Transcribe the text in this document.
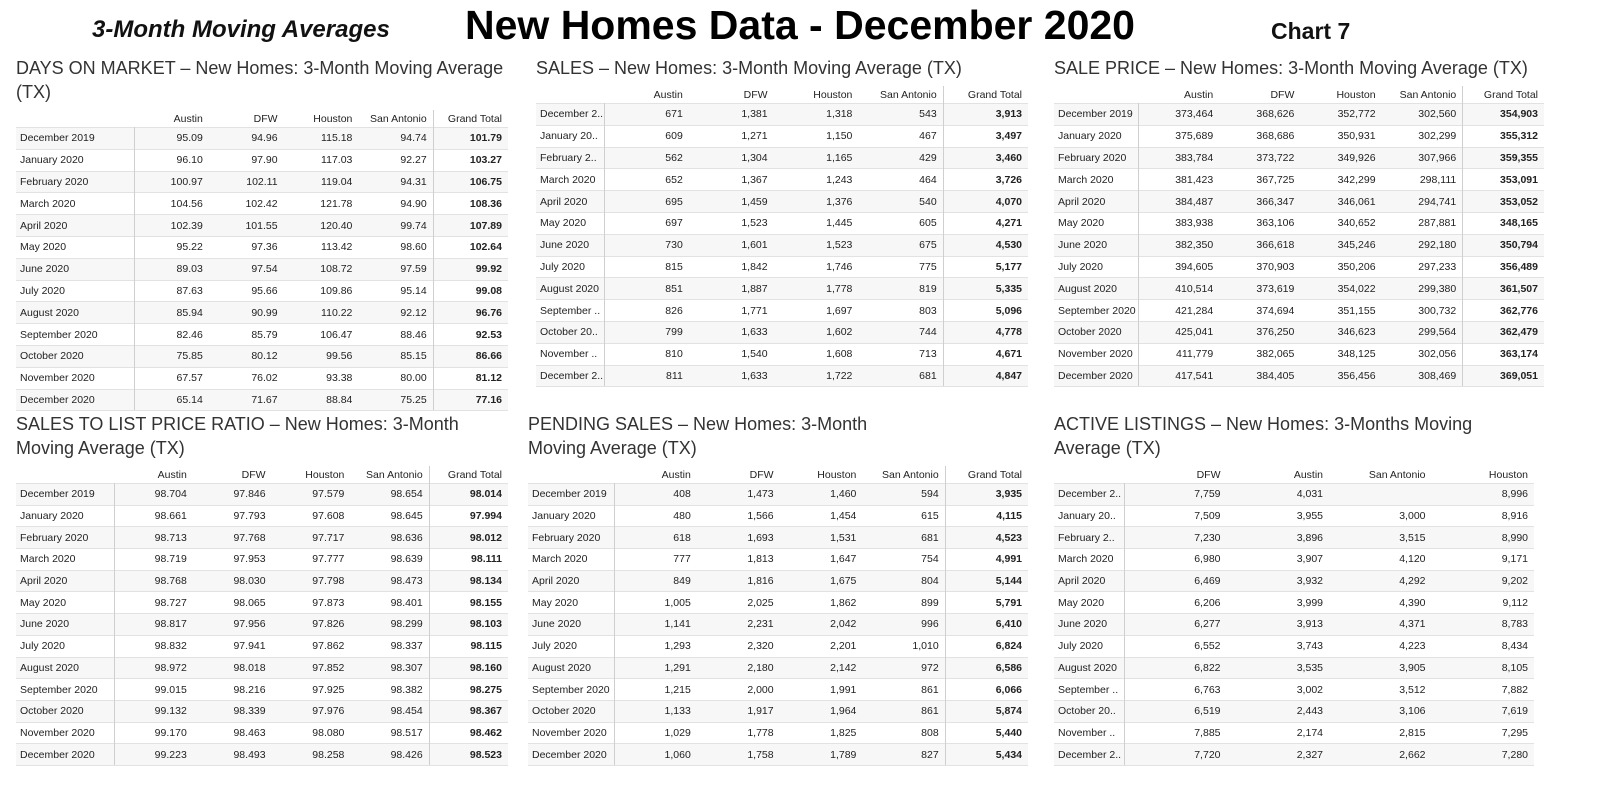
3-Month Moving Averages	New Homes Data - December 2020	Chart 7
DAYS ON MARKET – New Homes: 3-Month Moving Average (TX)
	Austin	DFW	Houston	San Antonio	Grand Total
December 2019	95.09	94.96	115.18	94.74	101.79
January 2020	96.10	97.90	117.03	92.27	103.27
February 2020	100.97	102.11	119.04	94.31	106.75
March 2020	104.56	102.42	121.78	94.90	108.36
April 2020	102.39	101.55	120.40	99.74	107.89
May 2020	95.22	97.36	113.42	98.60	102.64
June 2020	89.03	97.54	108.72	97.59	99.92
July 2020	87.63	95.66	109.86	95.14	99.08
August 2020	85.94	90.99	110.22	92.12	96.76
September 2020	82.46	85.79	106.47	88.46	92.53
October 2020	75.85	80.12	99.56	85.15	86.66
November 2020	67.57	76.02	93.38	80.00	81.12
December 2020	65.14	71.67	88.84	75.25	77.16
SALES – New Homes: 3-Month Moving Average (TX)
	Austin	DFW	Houston	San Antonio	Grand Total
December 2..	671	1,381	1,318	543	3,913
January 20..	609	1,271	1,150	467	3,497
February 2..	562	1,304	1,165	429	3,460
March 2020	652	1,367	1,243	464	3,726
April 2020	695	1,459	1,376	540	4,070
May 2020	697	1,523	1,445	605	4,271
June 2020	730	1,601	1,523	675	4,530
July 2020	815	1,842	1,746	775	5,177
August 2020	851	1,887	1,778	819	5,335
September ..	826	1,771	1,697	803	5,096
October 20..	799	1,633	1,602	744	4,778
November ..	810	1,540	1,608	713	4,671
December 2..	811	1,633	1,722	681	4,847
SALE PRICE – New Homes: 3-Month Moving Average (TX)
	Austin	DFW	Houston	San Antonio	Grand Total
December 2019	373,464	368,626	352,772	302,560	354,903
January 2020	375,689	368,686	350,931	302,299	355,312
February 2020	383,784	373,722	349,926	307,966	359,355
March 2020	381,423	367,725	342,299	298,111	353,091
April 2020	384,487	366,347	346,061	294,741	353,052
May 2020	383,938	363,106	340,652	287,881	348,165
June 2020	382,350	366,618	345,246	292,180	350,794
July 2020	394,605	370,903	350,206	297,233	356,489
August 2020	410,514	373,619	354,022	299,380	361,507
September 2020	421,284	374,694	351,155	300,732	362,776
October 2020	425,041	376,250	346,623	299,564	362,479
November 2020	411,779	382,065	348,125	302,056	363,174
December 2020	417,541	384,405	356,456	308,469	369,051
SALES TO LIST PRICE RATIO – New Homes: 3-Month Moving Average (TX)
	Austin	DFW	Houston	San Antonio	Grand Total
December 2019	98.704	97.846	97.579	98.654	98.014
January 2020	98.661	97.793	97.608	98.645	97.994
February 2020	98.713	97.768	97.717	98.636	98.012
March 2020	98.719	97.953	97.777	98.639	98.111
April 2020	98.768	98.030	97.798	98.473	98.134
May 2020	98.727	98.065	97.873	98.401	98.155
June 2020	98.817	97.956	97.826	98.299	98.103
July 2020	98.832	97.941	97.862	98.337	98.115
August 2020	98.972	98.018	97.852	98.307	98.160
September 2020	99.015	98.216	97.925	98.382	98.275
October 2020	99.132	98.339	97.976	98.454	98.367
November 2020	99.170	98.463	98.080	98.517	98.462
December 2020	99.223	98.493	98.258	98.426	98.523
PENDING SALES – New Homes: 3-Month Moving Average (TX)
	Austin	DFW	Houston	San Antonio	Grand Total
December 2019	408	1,473	1,460	594	3,935
January 2020	480	1,566	1,454	615	4,115
February 2020	618	1,693	1,531	681	4,523
March 2020	777	1,813	1,647	754	4,991
April 2020	849	1,816	1,675	804	5,144
May 2020	1,005	2,025	1,862	899	5,791
June 2020	1,141	2,231	2,042	996	6,410
July 2020	1,293	2,320	2,201	1,010	6,824
August 2020	1,291	2,180	2,142	972	6,586
September 2020	1,215	2,000	1,991	861	6,066
October 2020	1,133	1,917	1,964	861	5,874
November 2020	1,029	1,778	1,825	808	5,440
December 2020	1,060	1,758	1,789	827	5,434
ACTIVE LISTINGS – New Homes: 3-Months Moving Average (TX)
	DFW	Austin	San Antonio	Houston
December 2..	7,759	4,031		8,996
January 20..	7,509	3,955	3,000	8,916
February 2..	7,230	3,896	3,515	8,990
March 2020	6,980	3,907	4,120	9,171
April 2020	6,469	3,932	4,292	9,202
May 2020	6,206	3,999	4,390	9,112
June 2020	6,277	3,913	4,371	8,783
July 2020	6,552	3,743	4,223	8,434
August 2020	6,822	3,535	3,905	8,105
September ..	6,763	3,002	3,512	7,882
October 20..	6,519	2,443	3,106	7,619
November ..	7,885	2,174	2,815	7,295
December 2..	7,720	2,327	2,662	7,280
